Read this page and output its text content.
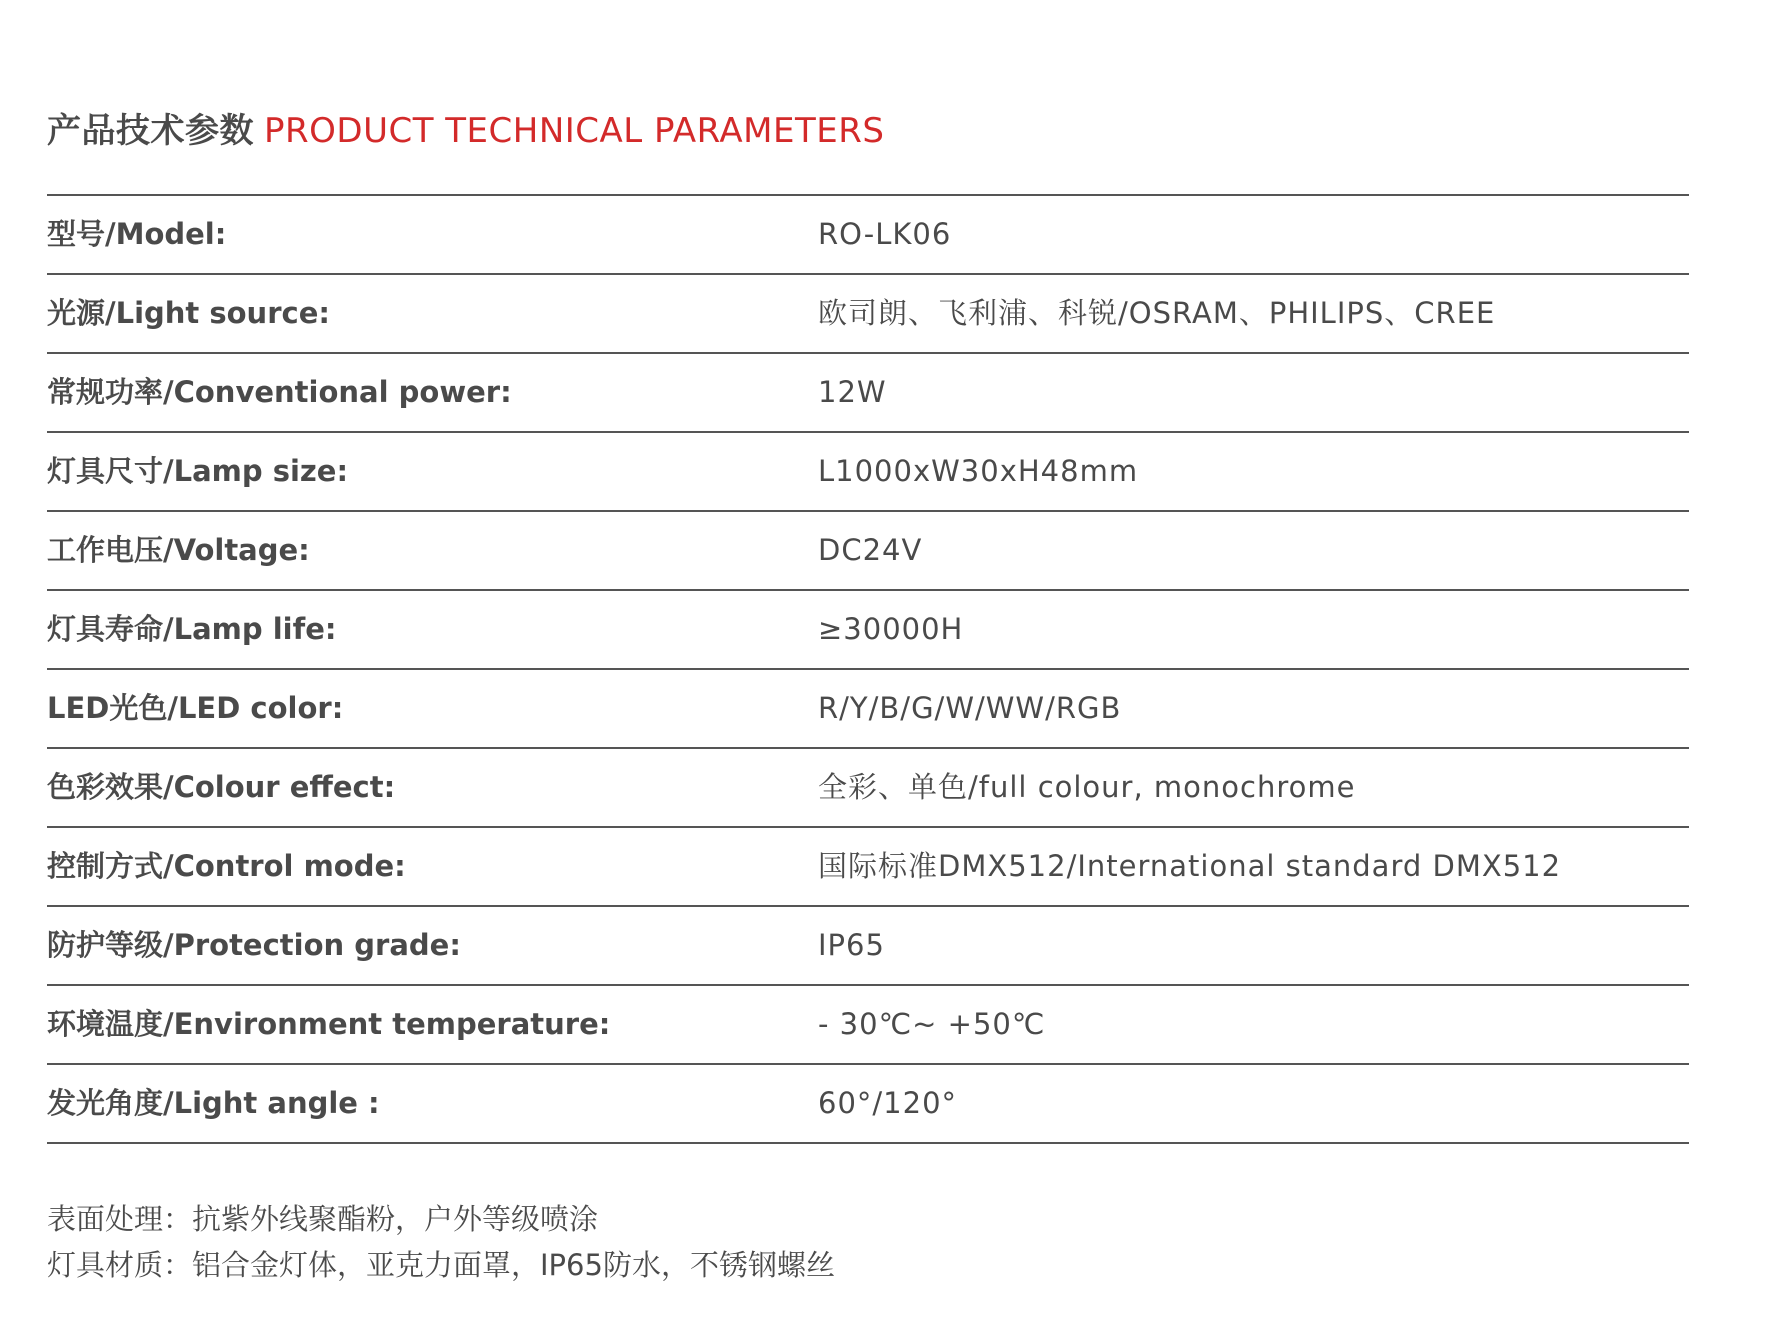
产品技术参数 PRODUCT TECHNICAL PARAMETERS
型号/Model:	RO-LK06
光源/Light source:	欧司朗、飞利浦、科锐/OSRAM、PHILIPS、CREE
常规功率/Conventional power:	12W
灯具尺寸/Lamp size:	L1000xW30xH48mm
工作电压/Voltage:	DC24V
灯具寿命/Lamp life:	≥30000H
LED光色/LED color:	R/Y/B/G/W/WW/RGB
色彩效果/Colour effect:	全彩、单色/full colour, monochrome
控制方式/Control mode:	国际标准DMX512/International standard DMX512
防护等级/Protection grade:	IP65
环境温度/Environment temperature:	- 30℃~ +50℃
发光角度/Light angle :	60°/120°
表面处理：抗紫外线聚酯粉，户外等级喷涂
灯具材质：铝合金灯体，亚克力面罩，IP65防水，不锈钢螺丝
